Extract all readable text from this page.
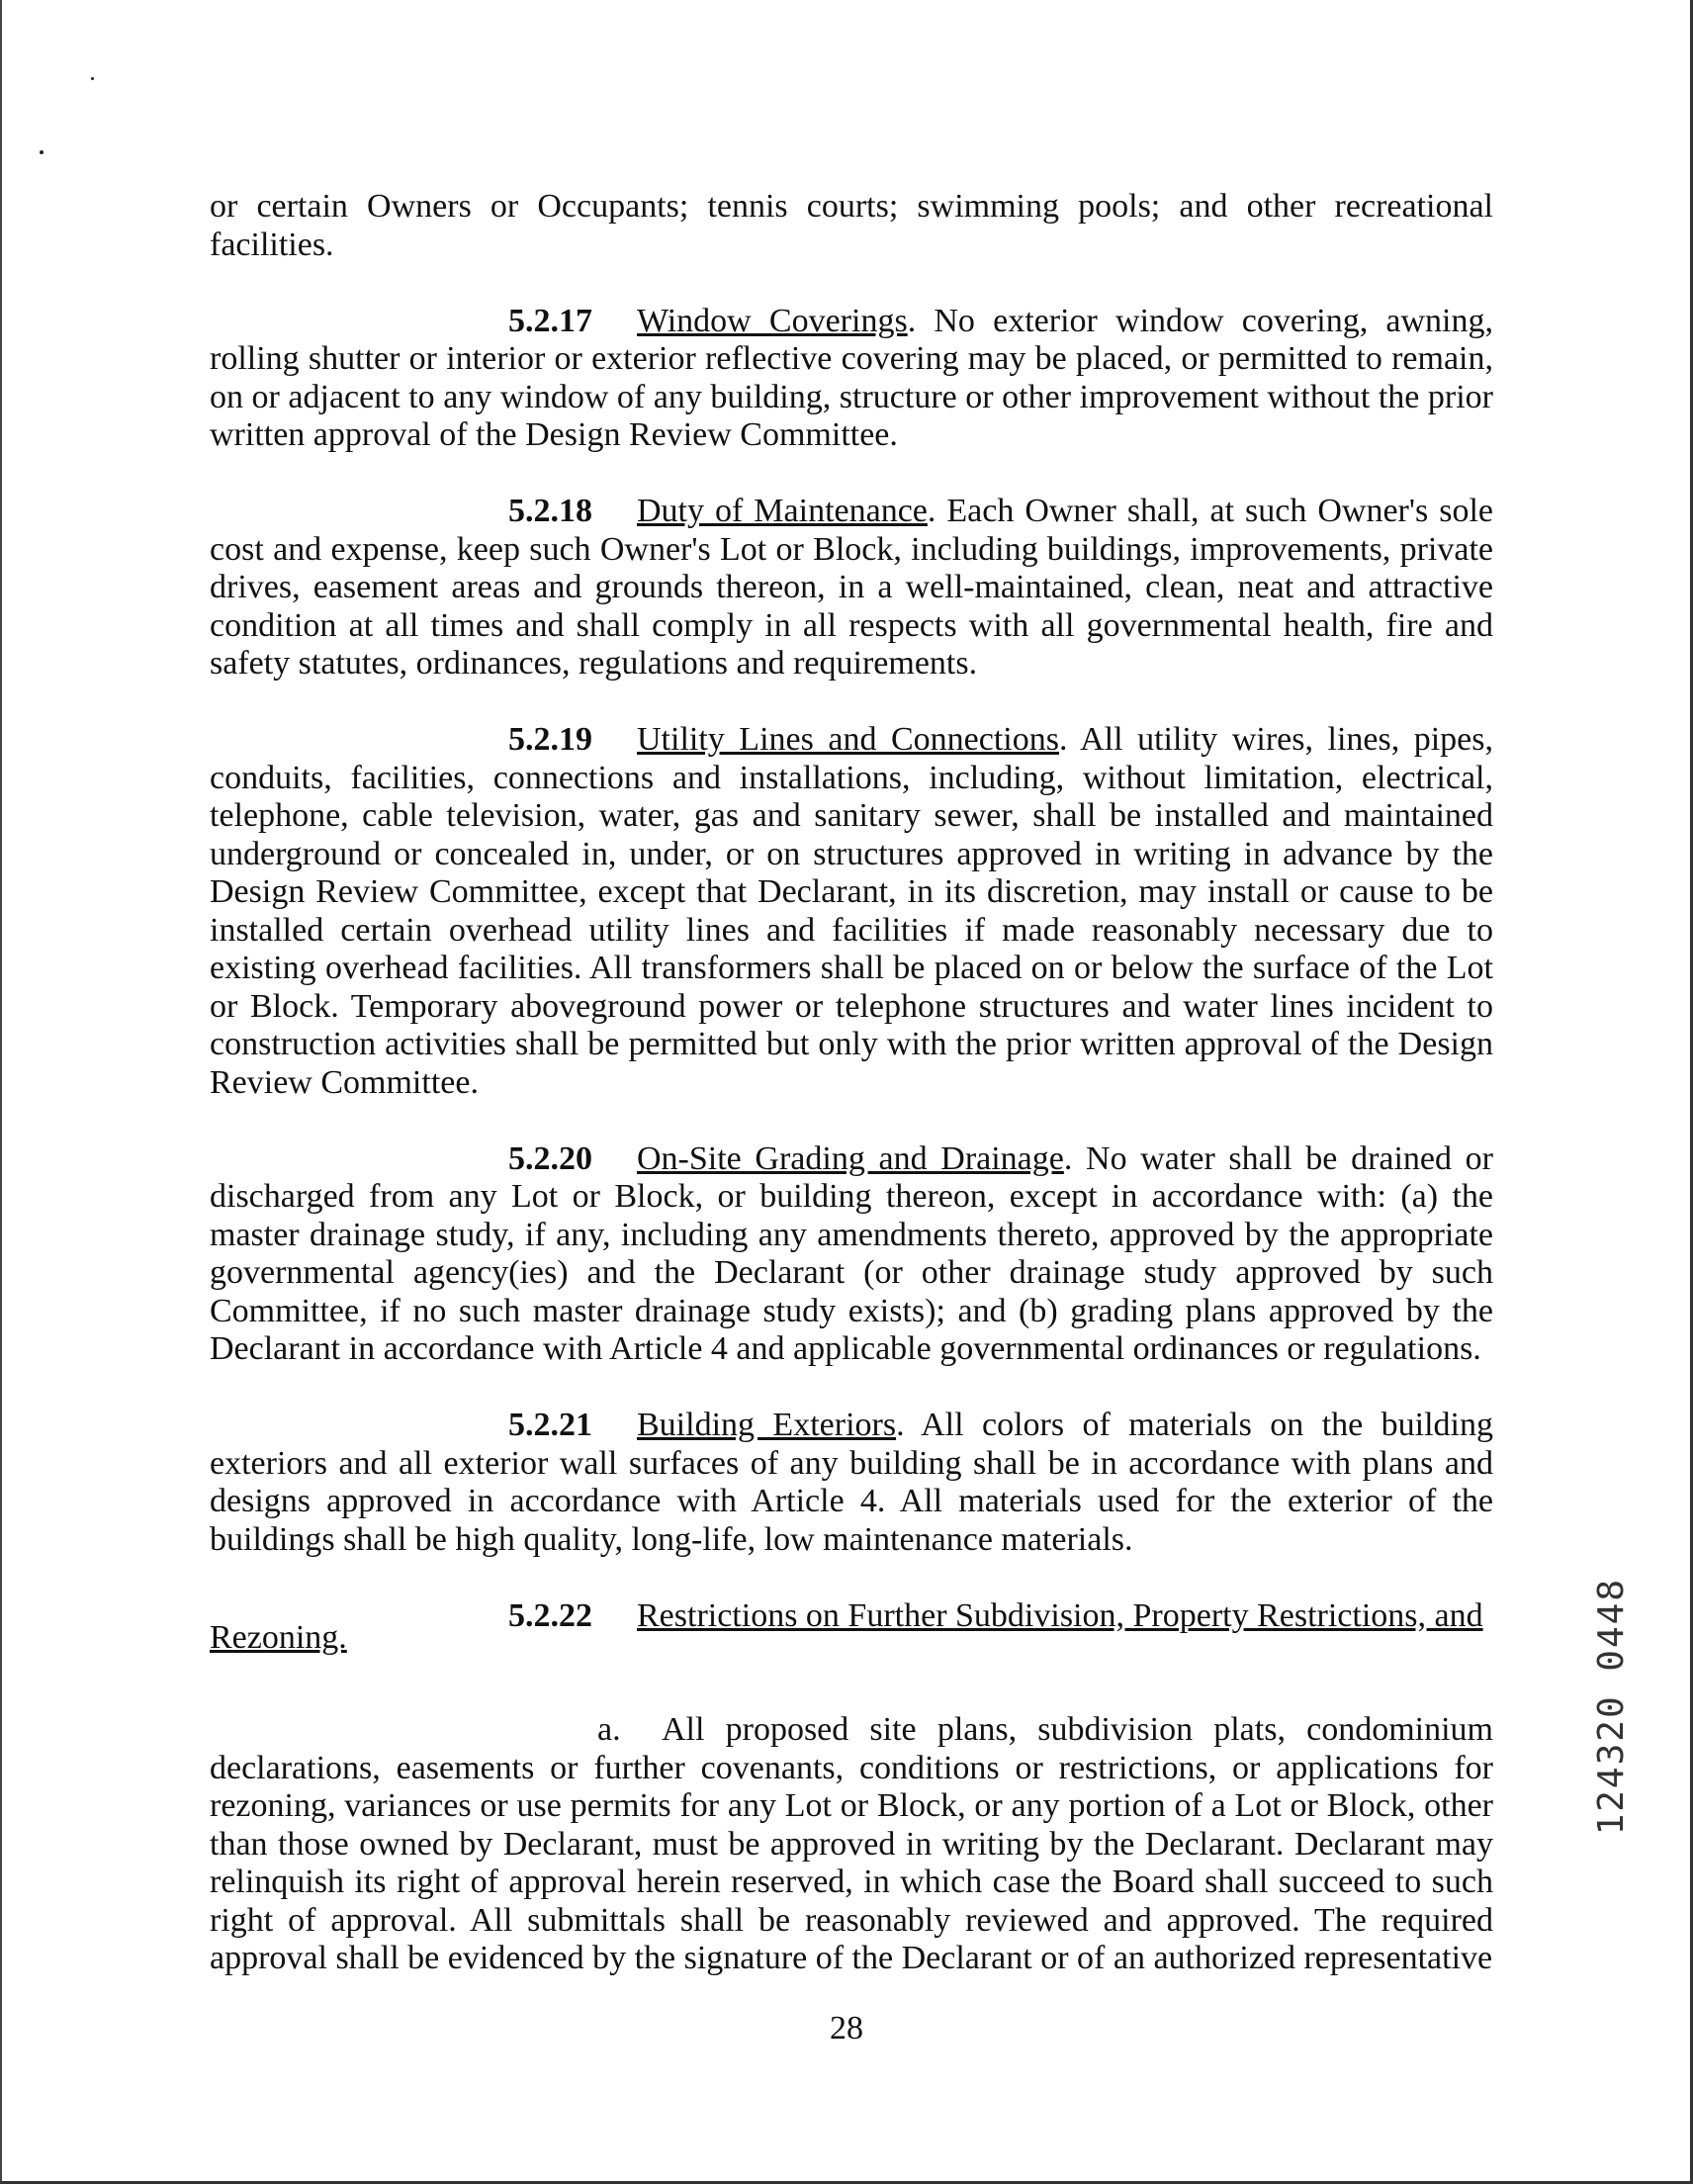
or certain Owners or Occupants; tennis courts; swimming pools; and other recreational facilities.

5.2.17 Window Coverings. No exterior window covering, awning, rolling shutter or interior or exterior reflective covering may be placed, or permitted to remain, on or adjacent to any window of any building, structure or other improvement without the prior written approval of the Design Review Committee.

5.2.18 Duty of Maintenance. Each Owner shall, at such Owner's sole cost and expense, keep such Owner's Lot or Block, including buildings, improvements, private drives, easement areas and grounds thereon, in a well-maintained, clean, neat and attractive condition at all times and shall comply in all respects with all governmental health, fire and safety statutes, ordinances, regulations and requirements.

5.2.19 Utility Lines and Connections. All utility wires, lines, pipes, conduits, facilities, connections and installations, including, without limitation, electrical, telephone, cable television, water, gas and sanitary sewer, shall be installed and maintained underground or concealed in, under, or on structures approved in writing in advance by the Design Review Committee, except that Declarant, in its discretion, may install or cause to be installed certain overhead utility lines and facilities if made reasonably necessary due to existing overhead facilities. All transformers shall be placed on or below the surface of the Lot or Block. Temporary aboveground power or telephone structures and water lines incident to construction activities shall be permitted but only with the prior written approval of the Design Review Committee.

5.2.20 On-Site Grading and Drainage. No water shall be drained or discharged from any Lot or Block, or building thereon, except in accordance with: (a) the master drainage study, if any, including any amendments thereto, approved by the appropriate governmental agency(ies) and the Declarant (or other drainage study approved by such Committee, if no such master drainage study exists); and (b) grading plans approved by the Declarant in accordance with Article 4 and applicable governmental ordinances or regulations.

5.2.21 Building Exteriors. All colors of materials on the building exteriors and all exterior wall surfaces of any building shall be in accordance with plans and designs approved in accordance with Article 4. All materials used for the exterior of the buildings shall be high quality, long-life, low maintenance materials.

5.2.22 Restrictions on Further Subdivision, Property Restrictions, and
Rezoning.

a. All proposed site plans, subdivision plats, condominium declarations, easements or further covenants, conditions or restrictions, or applications for rezoning, variances or use permits for any Lot or Block, or any portion of a Lot or Block, other than those owned by Declarant, must be approved in writing by the Declarant. Declarant may relinquish its right of approval herein reserved, in which case the Board shall succeed to such right of approval. All submittals shall be reasonably reviewed and approved. The required approval shall be evidenced by the signature of the Declarant or of an authorized representative

28
124320 0448
